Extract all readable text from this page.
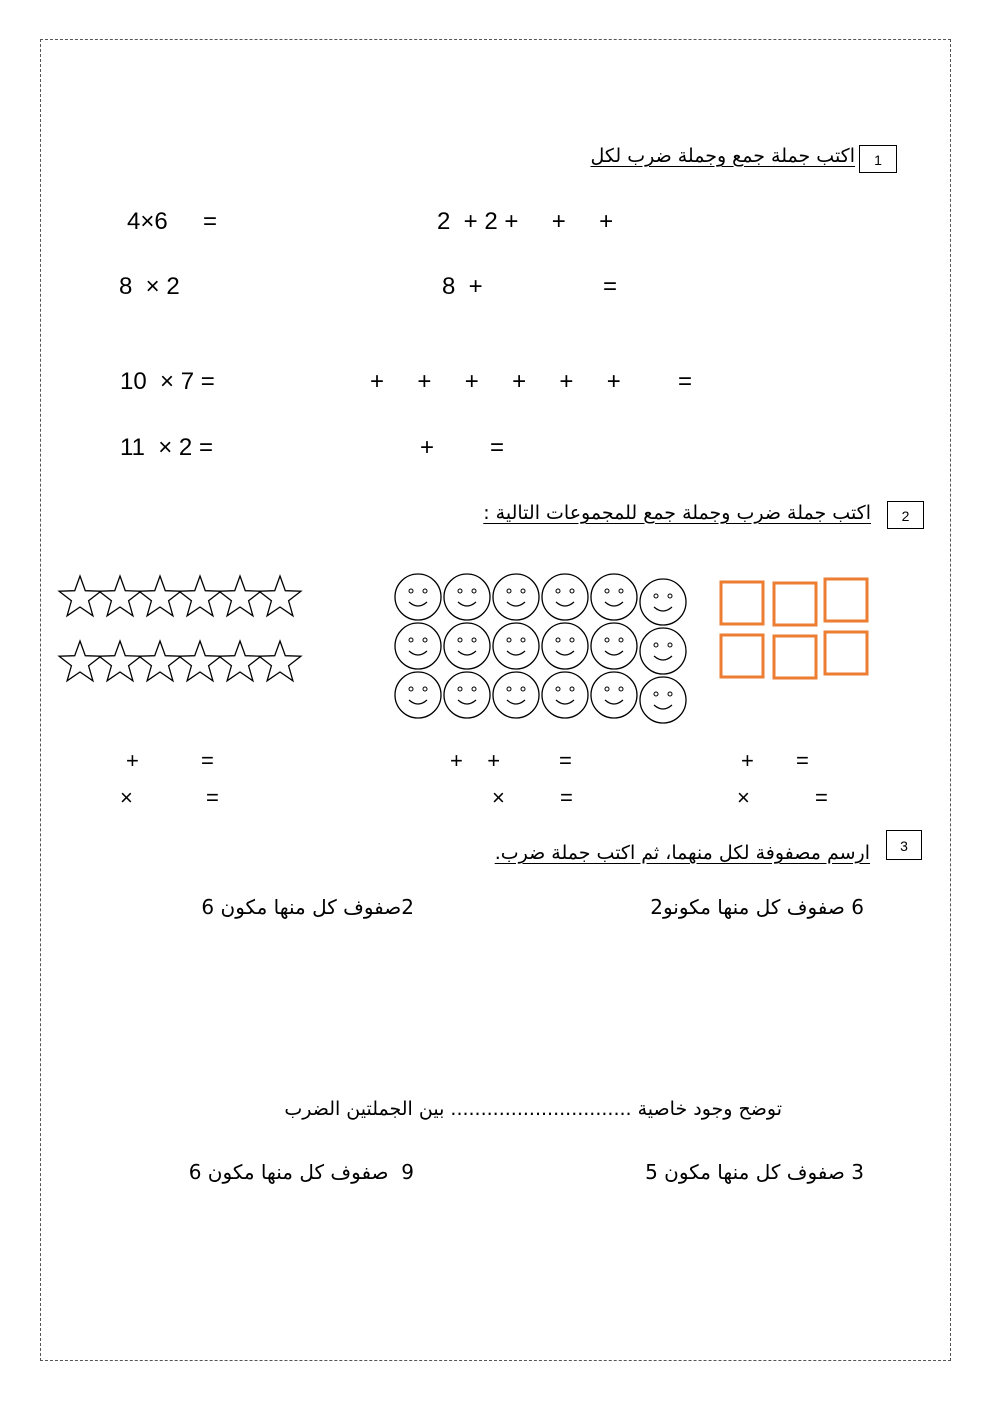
1
اكتب جملة جمع وجملة ضرب لكل
4×6 =	2  + 2 +     +     +
8  × 2	8  +	=
10  × 7 =	+     +     +     +     +     + =
11  × 2 =	+ =
2
اكتب جملة ضرب وجملة جمع للمجموعات التالية :
+	=
×	=
+    +	=
×	=
+ =
×	=
3
ارسم مصفوفة لكل منهما، ثم اكتب جملة ضرب.
6 صفوف كل منها مكونو2
2صفوف كل منها مكون 6
توضح وجود خاصية .............................. بين الجملتين الضرب
3 صفوف كل منها مكون 5
9  صفوف كل منها مكون 6
